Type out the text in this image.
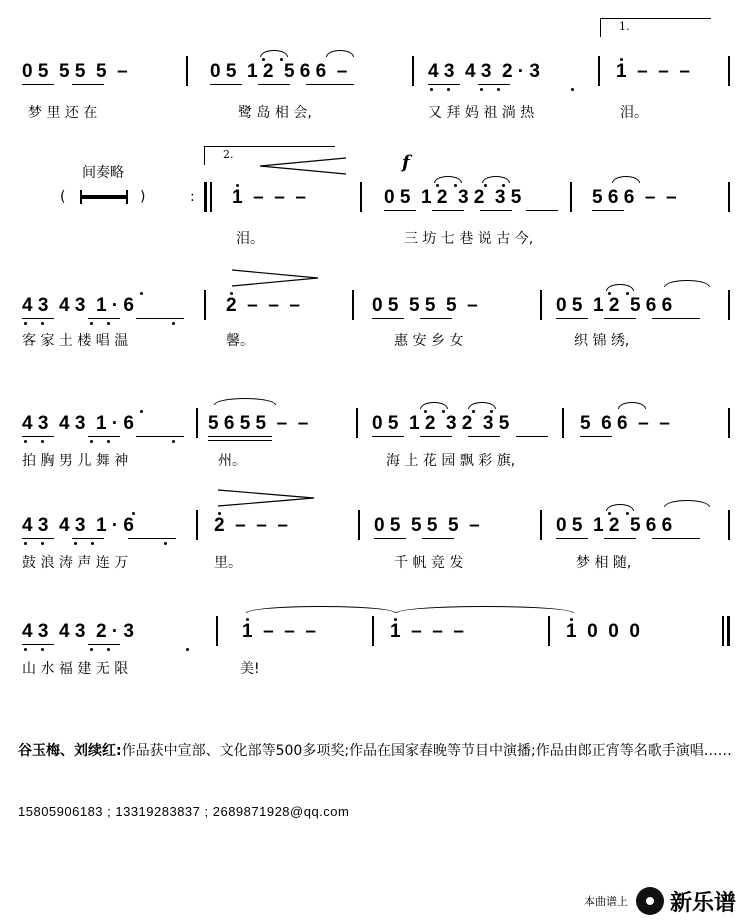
1.
0 5  5 5  5  –	0 5  1 2  5 6 6  –	4 3  4 3  2 · 3	1  –  –  –
梦 里 还 在	鹭 岛 相 会,	又 拜 妈 祖 淌 热	泪。
间奏略
(	)	:
2.	f
1  –  –  –	0 5  1 2  3 2  3 5	5 6 6  –  –
泪。	三 坊 七 巷 说 古 今,
4 3  4 3  1 · 6	2  –  –  –	0 5  5 5  5  –	0 5  1 2  5 6 6
客 家 土 楼 唱 温	馨。	惠 安 乡 女	织 锦 绣,
4 3  4 3  1 · 6	5 6 5 5  –  –	0 5  1 2  3 2  3 5	5  6 6  –  –
拍 胸 男 儿 舞 神	州。	海 上 花 园 飘 彩 旗,
4 3  4 3  1 · 6	2  –  –  –	0 5  5 5  5  –	0 5  1 2  5 6 6
鼓 浪 涛 声 连 万	里。	千 帆 竞 发	梦 相 随,
4 3  4 3  2 · 3	1  –  –  –	1  –  –  –	1  0  0  0
山 水 福 建 无 限	美!
谷玉梅、刘续红:作品获中宣部、文化部等500多项奖;作品在国家春晚等节目中演播;作品由郎正宵等名歌手演唱……
15805906183 ; 13319283837 ; 2689871928@qq.com
本曲谱上 新乐谱
